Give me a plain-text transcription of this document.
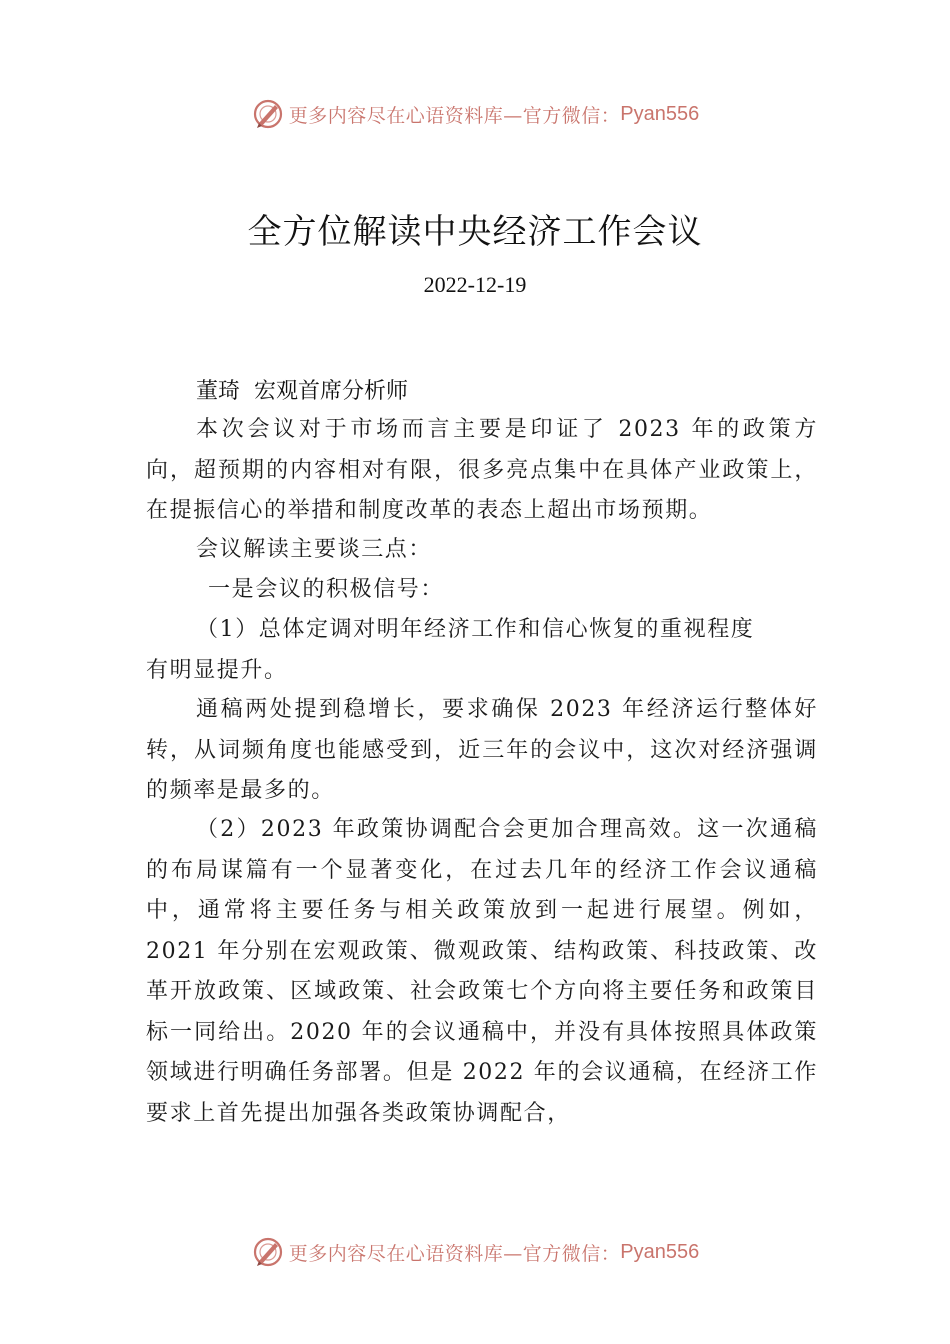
更多内容尽在心语资料库—官方微信： Pyan556
全方位解读中央经济工作会议
2022-12-19
董琦  宏观首席分析师

本次会议对于市场而言主要是印证了 2023 年的政策方向，超预期的内容相对有限，很多亮点集中在具体产业政策上，在提振信心的举措和制度改革的表态上超出市场预期。

会议解读主要谈三点：

一是会议的积极信号：

（1）总体定调对明年经济工作和信心恢复的重视程度

有明显提升。

通稿两处提到稳增长，要求确保 2023 年经济运行整体好转，从词频角度也能感受到，近三年的会议中，这次对经济强调的频率是最多的。

（2）2023 年政策协调配合会更加合理高效。这一次通稿的布局谋篇有一个显著变化，在过去几年的经济工作会议通稿中，通常将主要任务与相关政策放到一起进行展望。例如，2021 年分别在宏观政策、微观政策、结构政策、科技政策、改革开放政策、区域政策、社会政策七个方向将主要任务和政策目标一同给出。2020 年的会议通稿中，并没有具体按照具体政策领域进行明确任务部署。但是 2022 年的会议通稿，在经济工作要求上首先提出加强各类政策协调配合，

更多内容尽在心语资料库—官方微信： Pyan556
